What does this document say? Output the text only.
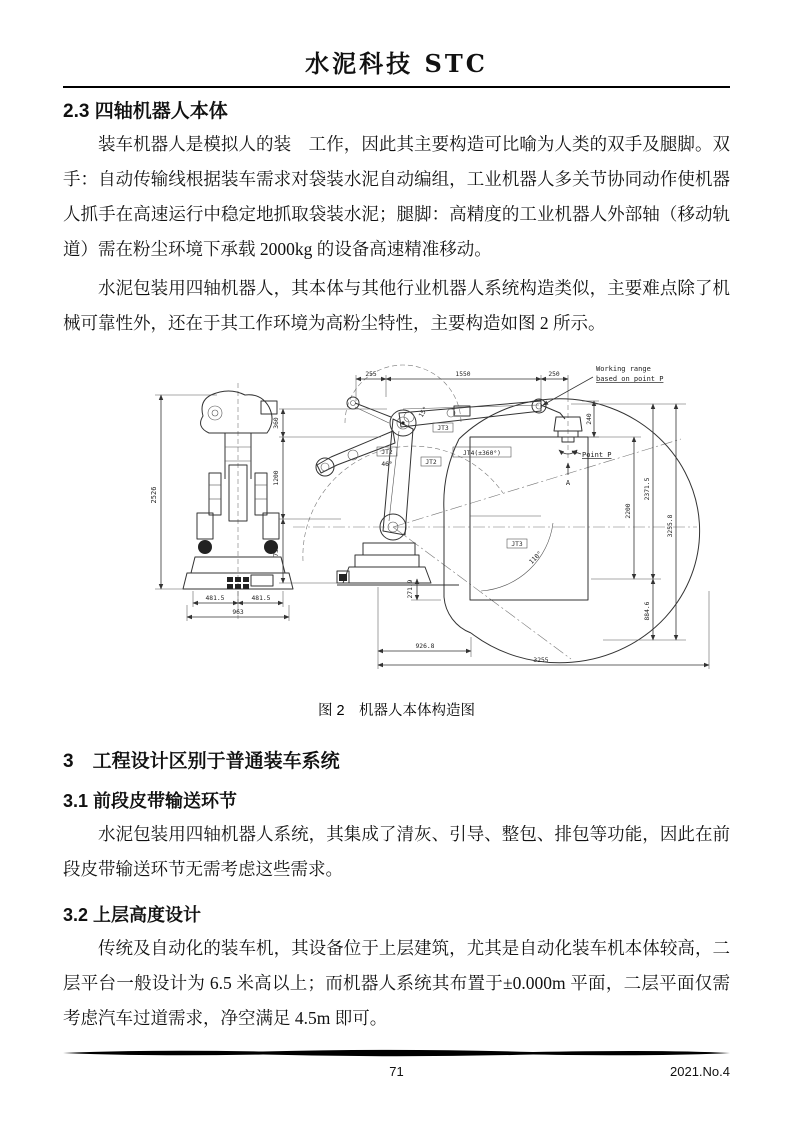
水泥科技 STC
2.3 四轴机器人本体

装车机器人是模拟人的装　工作，因此其主要构造可比喻为人类的双手及腿脚。双手：自动传输线根据装车需求对袋装水泥自动编组，工业机器人多关节协同动作使机器人抓手在高速运行中稳定地抓取袋装水泥；腿脚：高精度的工业机器人外部轴（移动轨道）需在粉尘环境下承载 2000kg 的设备高速精准移动。

水泥包装用四轴机器人，其本体与其他行业机器人系统构造类似，主要难点除了机械可靠性外，还在于其工作环境为高粉尘特性，主要构造如图 2 所示。

2526
481.5	481.5
963
255	1550	250
360
1200
750
240
2200
2371.5
884.6
3255.8
271.9
926.8
3255
Working range
based on point P
JT3
15°
JT2
46°	JT2
JT3
110°
JT4(±360°)	Point P
A
图 2　机器人本体构造图
3　工程设计区别于普通装车系统
3.1 前段皮带输送环节

水泥包装用四轴机器人系统，其集成了清灰、引导、整包、排包等功能，因此在前段皮带输送环节无需考虑这些需求。

3.2 上层高度设计

传统及自动化的装车机，其设备位于上层建筑，尤其是自动化装车机本体较高，二层平台一般设计为 6.5 米高以上；而机器人系统其布置于±0.000m 平面，二层平面仅需考虑汽车过道需求，净空满足 4.5m 即可。

71	2021.No.4
